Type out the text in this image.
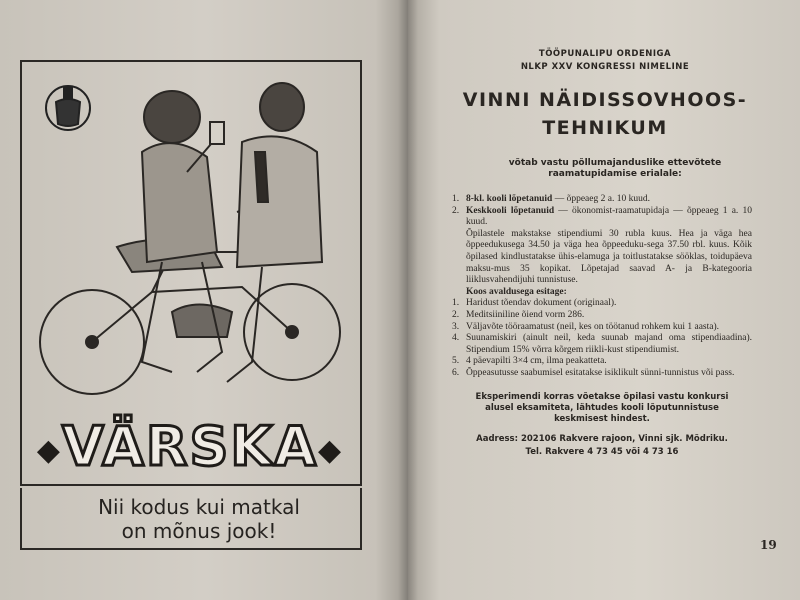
◆VÄRSKA◆
Nii kodus kui matkal
on mõnus jook!
TÖÖPUNALIPU ORDENIGA
NLKP XXV KONGRESSI NIMELINE
VINNI NÄIDISSOVHOOS-
TEHNIKUM
võtab vastu põllumajanduslike ettevõtete
raamatupidamise erialale:
1. 8-kl. kooli lõpetanuid — õppeaeg 2 a. 10 kuud.
2. Keskkooli lõpetanuid — ökonomist-raamatupidaja — õppeaeg 1 a. 10 kuud.
Õpilastele makstakse stipendiumi 30 rubla kuus. Hea ja väga hea õppeedukusega 34.50 ja väga hea õppeeduku-sega 37.50 rbl. kuus. Kõik õpilased kindlustatakse ühis-elamuga ja toitlustatakse sööklas, toidupäeva maksu-mus 35 kopikat. Lõpetajad saavad A- ja B-kategooria liiklusvahendijuhi tunnistuse.
Koos avaldusega esitage:
1. Haridust tõendav dokument (originaal).
2. Meditsiiniline õiend vorm 286.
3. Väljavõte tööraamatust (neil, kes on töötanud rohkem kui 1 aasta).
4. Suunamiskiri (ainult neil, keda suunab majand oma stipendiaadina). Stipendium 15% võrra kõrgem riikli-kust stipendiumist.
5. 4 päevapilti 3×4 cm, ilma peakatteta.
6. Õppeasutusse saabumisel esitatakse isiklikult sünni-tunnistus või pass.
Eksperimendi korras võetakse õpilasi vastu konkursi alusel eksamiteta, lähtudes kooli lõputunnistuse keskmisest hindest.
Aadress: 202106 Rakvere rajoon, Vinni sjk. Mõdriku.
Tel. Rakvere 4 73 45 või 4 73 16
19
